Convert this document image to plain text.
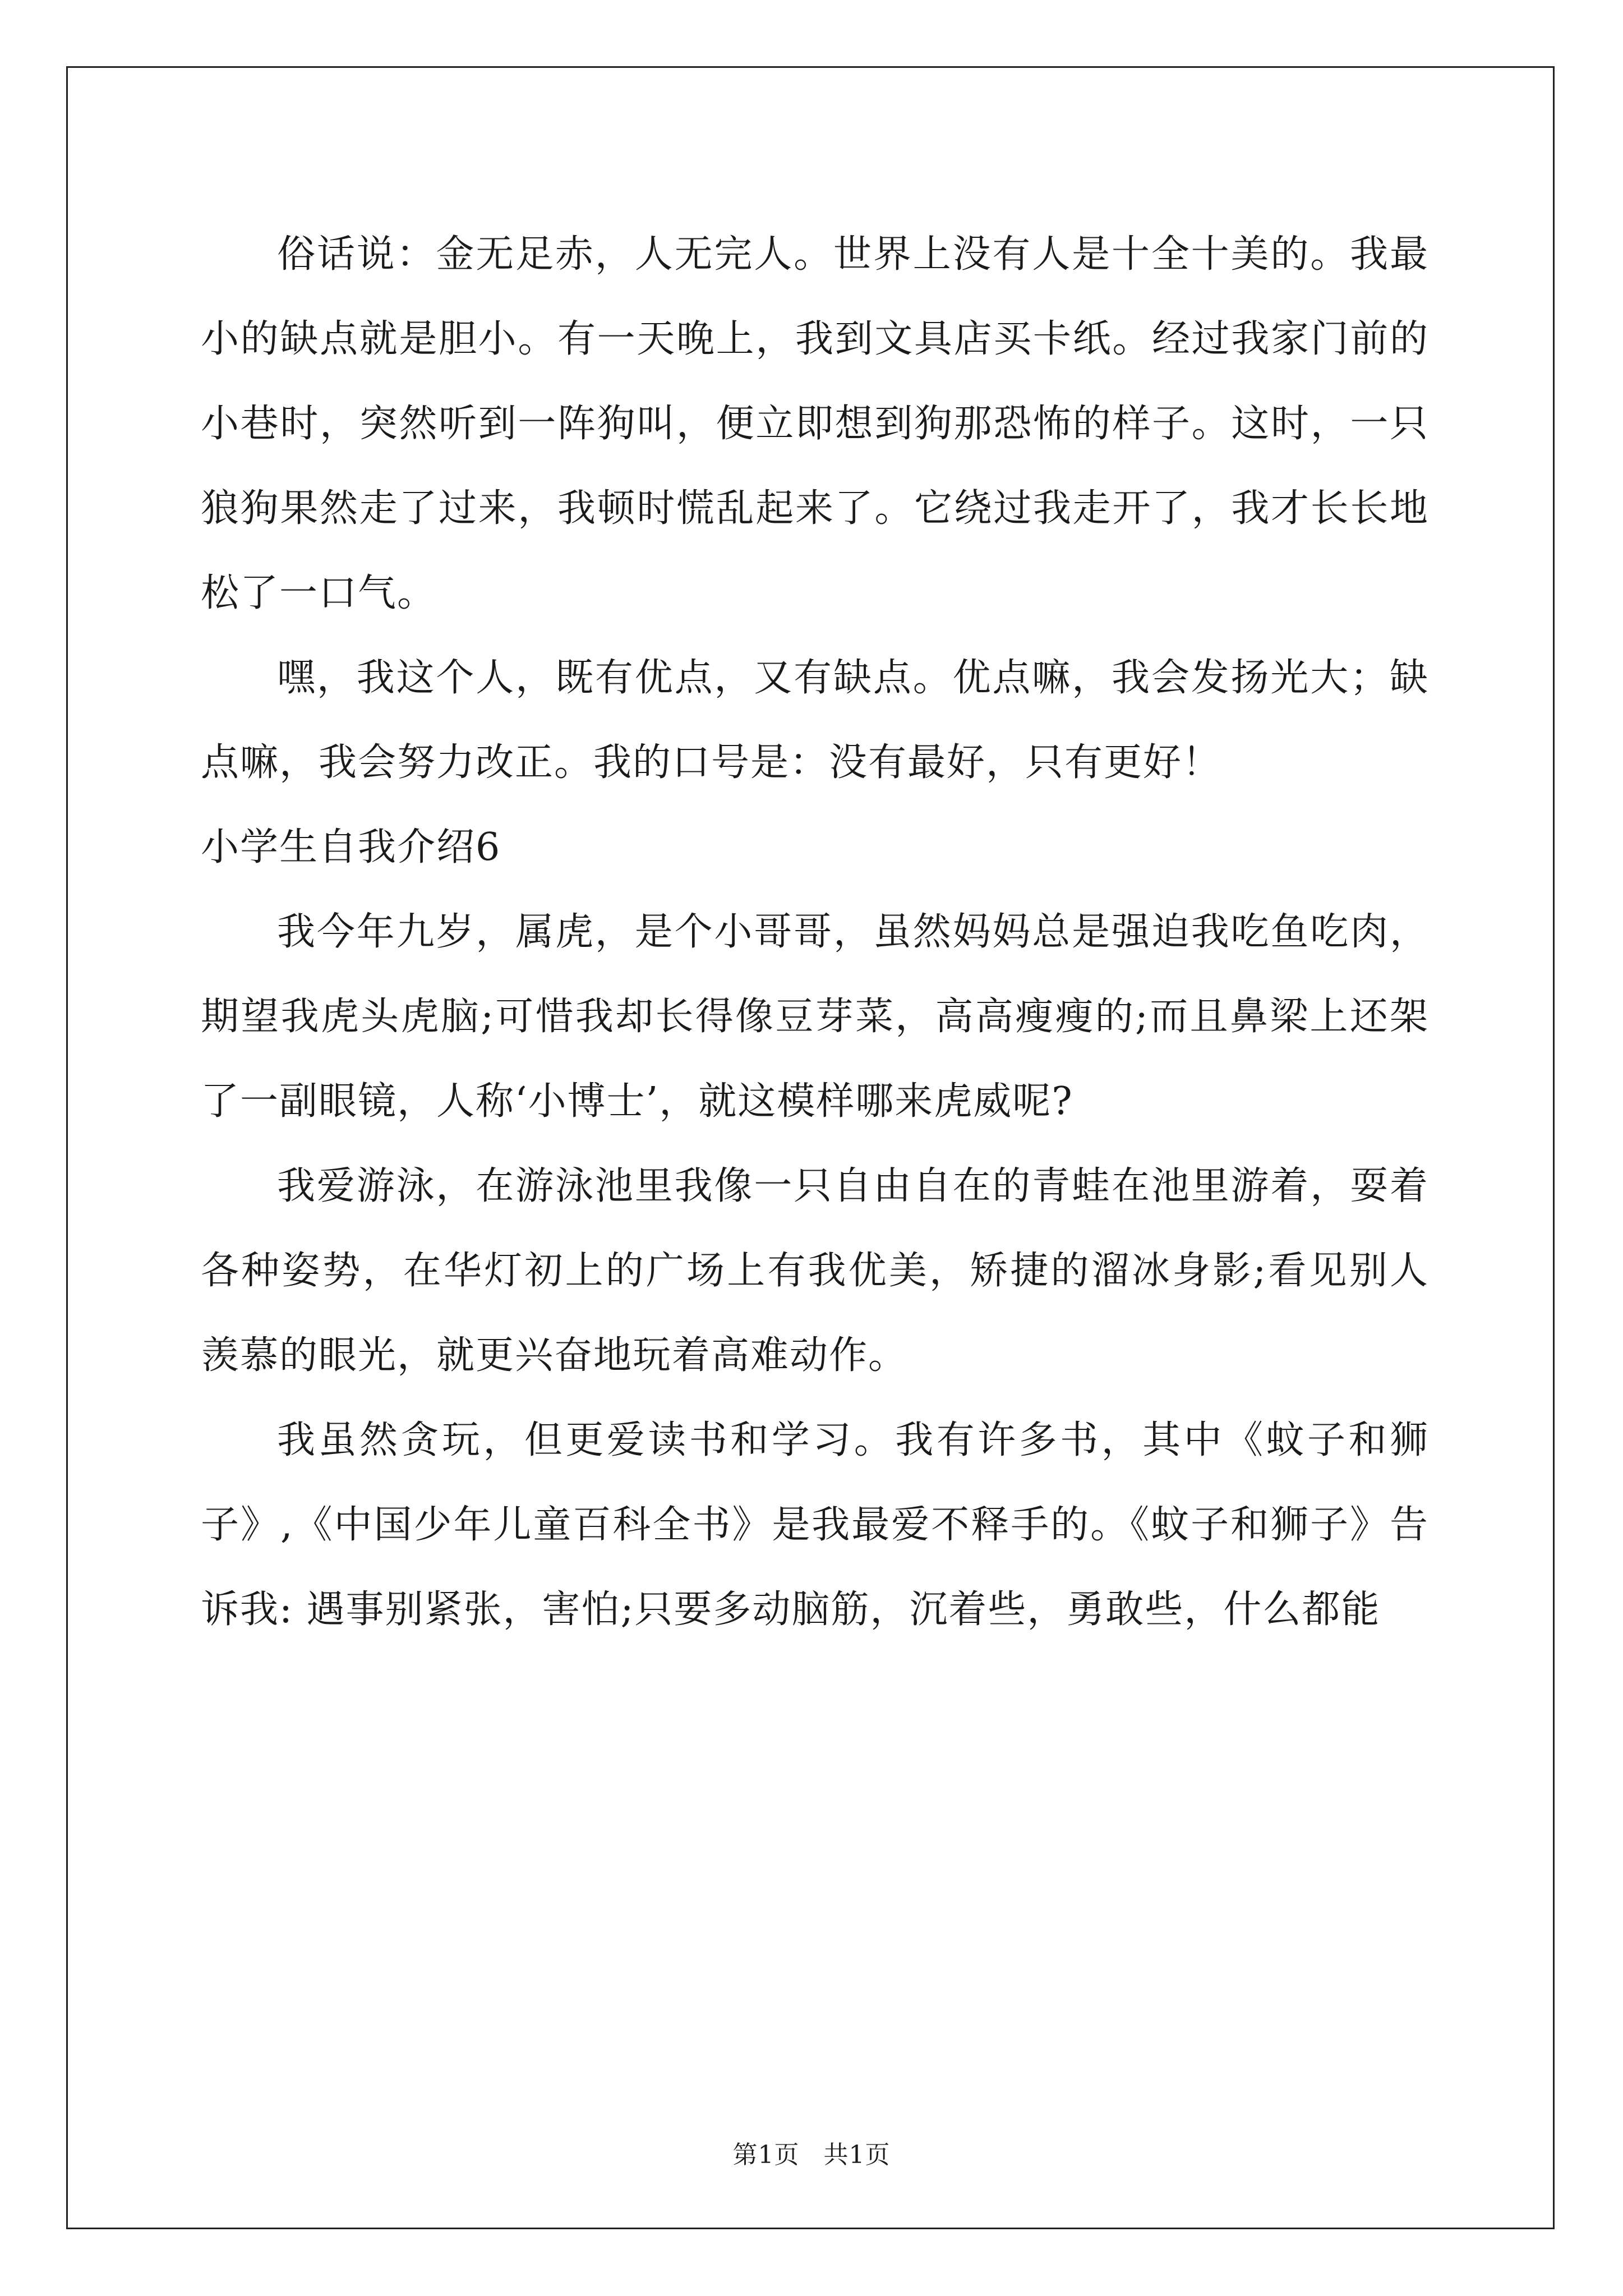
俗话说：金无足赤，人无完人。世界上没有人是十全十美的。我最小的缺点就是胆小。有一天晚上，我到文具店买卡纸。经过我家门前的小巷时，突然听到一阵狗叫，便立即想到狗那恐怖的样子。这时，一只狼狗果然走了过来，我顿时慌乱起来了。它绕过我走开了，我才长长地松了一口气。

嘿，我这个人，既有优点，又有缺点。优点嘛，我会发扬光大；缺点嘛，我会努力改正。我的口号是：没有最好，只有更好！

小学生自我介绍6

我今年九岁，属虎，是个小哥哥，虽然妈妈总是强迫我吃鱼吃肉，期望我虎头虎脑;可惜我却长得像豆芽菜，高高瘦瘦的;而且鼻梁上还架了一副眼镜，人称‘小博士’，就这模样哪来虎威呢?

我爱游泳，在游泳池里我像一只自由自在的青蛙在池里游着，耍着各种姿势，在华灯初上的广场上有我优美，矫捷的溜冰身影;看见别人羡慕的眼光，就更兴奋地玩着高难动作。

我虽然贪玩，但更爱读书和学习。我有许多书，其中《蚊子和狮子》,《中国少年儿童百科全书》是我最爱不释手的。《蚊子和狮子》告诉我: 遇事别紧张，害怕;只要多动脑筋，沉着些，勇敢些，什么都能

第1页 共1页
